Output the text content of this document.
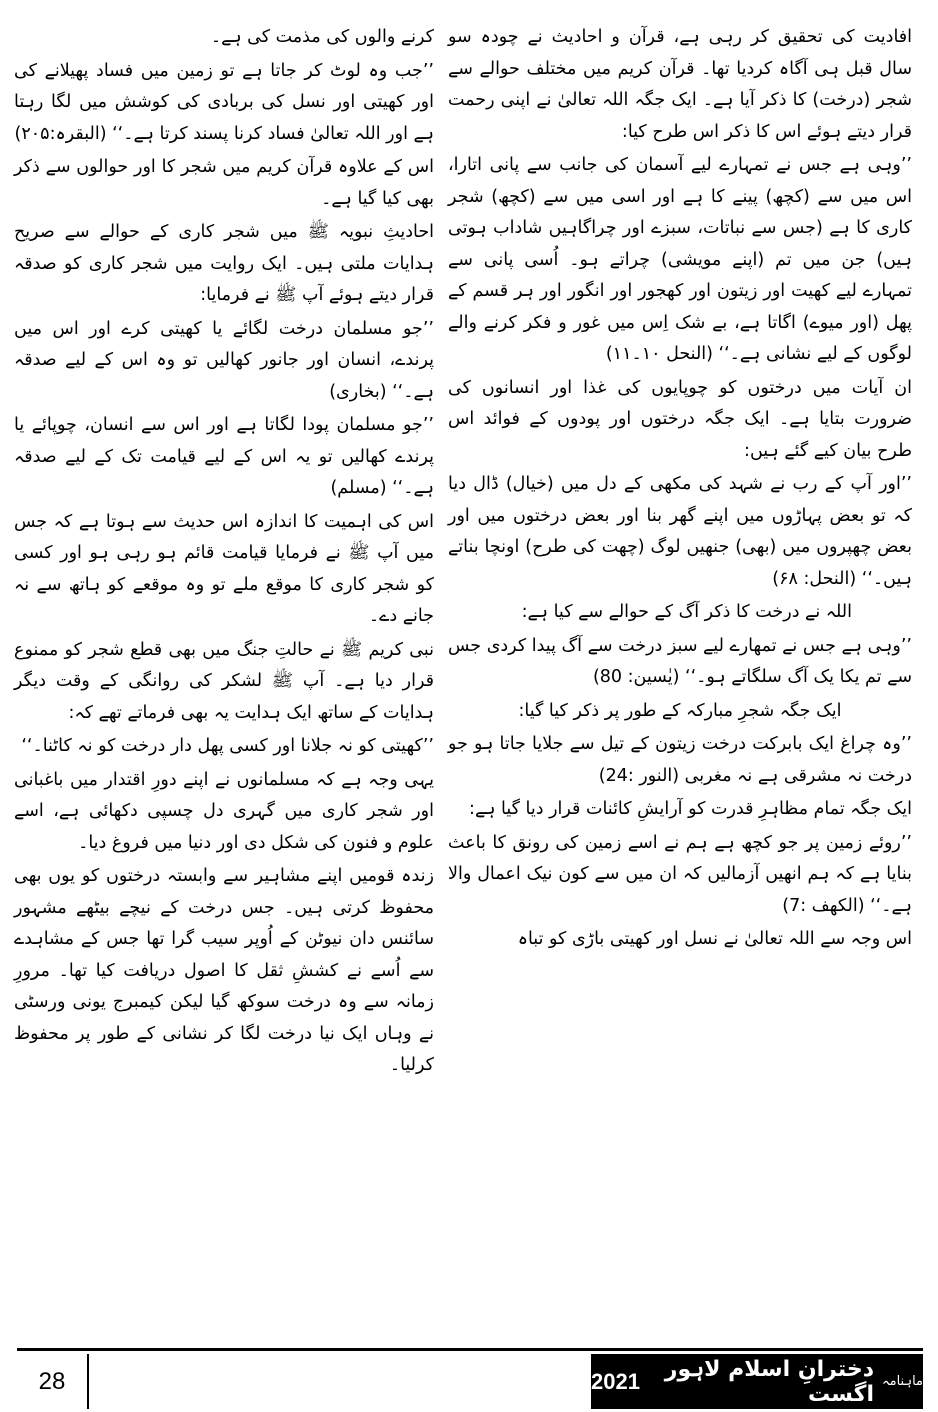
افادیت کی تحقیق کر رہی ہے، قرآن و احادیث نے چودہ سو سال قبل ہی آگاہ کردیا تھا۔ قرآن کریم میں مختلف حوالے سے شجر (درخت) کا ذکر آیا ہے۔ ایک جگہ اللہ تعالیٰ نے اپنی رحمت قرار دیتے ہوئے اس کا ذکر اس طرح کیا:

’’وہی ہے جس نے تمہارے لیے آسمان کی جانب سے پانی اتارا، اس میں سے (کچھ) پینے کا ہے اور اسی میں سے (کچھ) شجر کاری کا ہے (جس سے نباتات، سبزے اور چراگاہیں شاداب ہوتی ہیں) جن میں تم (اپنے مویشی) چراتے ہو۔ اُسی پانی سے تمہارے لیے کھیت اور زیتون اور کھجور اور انگور اور ہر قسم کے پھل (اور میوے) اگاتا ہے، بے شک اِس میں غور و فکر کرنے والے لوگوں کے لیے نشانی ہے۔‘‘ (النحل ۱۰۔۱۱)

ان آیات میں درختوں کو چوپایوں کی غذا اور انسانوں کی ضرورت بتایا ہے۔ ایک جگہ درختوں اور پودوں کے فوائد اس طرح بیان کیے گئے ہیں:

’’اور آپ کے رب نے شہد کی مکھی کے دل میں (خیال) ڈال دیا کہ تو بعض پہاڑوں میں اپنے گھر بنا اور بعض درختوں میں اور بعض چھپروں میں (بھی) جنھیں لوگ (چھت کی طرح) اونچا بناتے ہیں۔‘‘ (النحل: ۶۸)

اللہ نے درخت کا ذکر آگ کے حوالے سے کیا ہے:

’’وہی ہے جس نے تمھارے لیے سبز درخت سے آگ پیدا کردی جس سے تم یکا یک آگ سلگاتے ہو۔‘‘ (یٰسین: 80)

ایک جگہ شجرِ مبارکہ کے طور پر ذکر کیا گیا:

’’وہ چراغ ایک بابرکت درخت زیتون کے تیل سے جلایا جاتا ہو جو درخت نہ مشرقی ہے نہ مغربی (النور :24)

ایک جگہ تمام مظاہرِ قدرت کو آرایشِ کائنات قرار دیا گیا ہے:

’’روئے زمین پر جو کچھ ہے ہم نے اسے زمین کی رونق کا باعث بنایا ہے کہ ہم انھیں آزمالیں کہ ان میں سے کون نیک اعمال والا ہے۔‘‘ (الکھف :7)

اس وجہ سے اللہ تعالیٰ نے نسل اور کھیتی باڑی کو تباہ

کرنے والوں کی مذمت کی ہے۔

’’جب وہ لوٹ کر جاتا ہے تو زمین میں فساد پھیلانے کی اور کھیتی اور نسل کی بربادی کی کوشش میں لگا رہتا ہے اور اللہ تعالیٰ فساد کرنا پسند کرتا ہے۔‘‘ (البقرہ:۲۰۵)

اس کے علاوہ قرآن کریم میں شجر کا اور حوالوں سے ذکر بھی کیا گیا ہے۔

احادیثِ نبویہ ﷺ میں شجر کاری کے حوالے سے صریح ہدایات ملتی ہیں۔ ایک روایت میں شجر کاری کو صدقہ قرار دیتے ہوئے آپ ﷺ نے فرمایا:

’’جو مسلمان درخت لگائے یا کھیتی کرے اور اس میں پرندے، انسان اور جانور کھالیں تو وہ اس کے لیے صدقہ ہے۔‘‘ (بخاری)

’’جو مسلمان پودا لگاتا ہے اور اس سے انسان، چوپائے یا پرندے کھالیں تو یہ اس کے لیے قیامت تک کے لیے صدقہ ہے۔‘‘ (مسلم)

اس کی اہمیت کا اندازہ اس حدیث سے ہوتا ہے کہ جس میں آپ ﷺ نے فرمایا قیامت قائم ہو رہی ہو اور کسی کو شجر کاری کا موقع ملے تو وہ موقعے کو ہاتھ سے نہ جانے دے۔

نبی کریم ﷺ نے حالتِ جنگ میں بھی قطع شجر کو ممنوع قرار دیا ہے۔ آپ ﷺ لشکر کی روانگی کے وقت دیگر ہدایات کے ساتھ ایک ہدایت یہ بھی فرماتے تھے کہ:

’’کھیتی کو نہ جلانا اور کسی پھل دار درخت کو نہ کاٹنا۔‘‘

یہی وجہ ہے کہ مسلمانوں نے اپنے دورِ اقتدار میں باغبانی اور شجر کاری میں گہری دل چسپی دکھائی ہے، اسے علوم و فنون کی شکل دی اور دنیا میں فروغ دیا۔

زندہ قومیں اپنے مشاہیر سے وابستہ درختوں کو یوں بھی محفوظ کرتی ہیں۔ جس درخت کے نیچے بیٹھے مشہور سائنس دان نیوٹن کے اُوپر سیب گرا تھا جس کے مشاہدے سے اُسے نے کششِ ثقل کا اصول دریافت کیا تھا۔ مرورِ زمانہ سے وہ درخت سوکھ گیا لیکن کیمبرج یونی ورسٹی نے وہاں ایک نیا درخت لگا کر نشانی کے طور پر محفوظ کرلیا۔

28	ماہنامہ
دخترانِ اسلام لاہور اگست
2021
